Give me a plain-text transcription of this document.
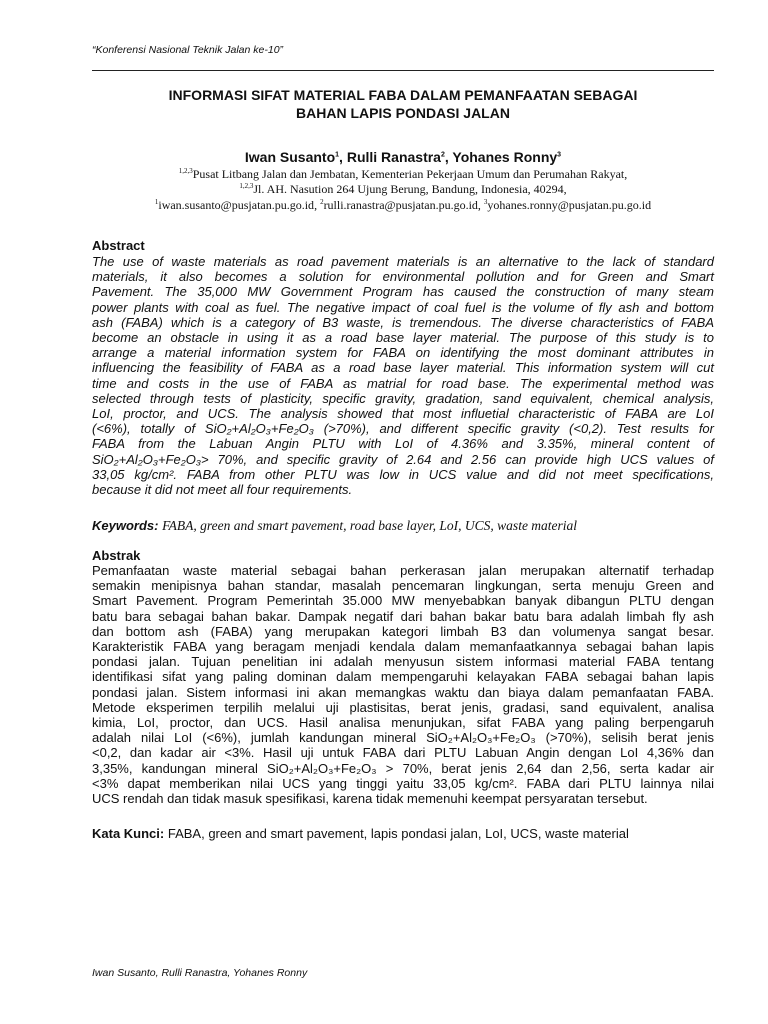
“Konferensi Nasional Teknik Jalan ke-10”
INFORMASI SIFAT MATERIAL FABA DALAM PEMANFAATAN SEBAGAI
BAHAN LAPIS PONDASI JALAN
Iwan Susanto$^1$, Rulli Ranastra$^2$, Yohanes Ronny$^3$
$^{1,2,3}$Pusat Litbang Jalan dan Jembatan, Kementerian Pekerjaan Umum dan Perumahan Rakyat,
$^{1,2,3}$Jl. AH. Nasution 264 Ujung Berung, Bandung, Indonesia, 40294,
$^1$iwan.susanto@pusjatan.pu.go.id, $^2$rulli.ranastra@pusjatan.pu.go.id, $^3$yohanes.ronny@pusjatan.pu.go.id
Abstract
The use of waste materials as road pavement materials is an alternative to the lack of standard
materials, it also becomes a solution for environmental pollution and for Green and Smart
Pavement. The 35,000 MW Government Program has caused the construction of many steam
power plants with coal as fuel. The negative impact of coal fuel is the volume of fly ash and bottom
ash (FABA) which is a category of B3 waste, is tremendous. The diverse characteristics of FABA
become an obstacle in using it as a road base layer material. The purpose of this study is to
arrange a material information system for FABA on identifying the most dominant attributes in
influencing the feasibility of FABA as a road base layer material. This information system will cut
time and costs in the use of FABA as matrial for road base. The experimental method was
selected through tests of plasticity, specific gravity, gradation, sand equivalent, chemical analysis,
LoI, proctor, and UCS. The analysis showed that most influetial characteristic of FABA are LoI
(<6%), totally of SiO₂+Al₂O₃+Fe₂O₃ (>70%), and different specific gravity (<0,2). Test results for
FABA from the Labuan Angin PLTU with LoI of 4.36% and 3.35%, mineral content of
SiO₂+Al₂O₃+Fe₂O₃> 70%, and specific gravity of 2.64 and 2.56 can provide high UCS values of
33,05 kg/cm². FABA from other PLTU was low in UCS value and did not meet specifications,
because it did not meet all four requirements.
Keywords: FABA, green and smart pavement, road base layer, LoI, UCS, waste material
Abstrak
Pemanfaatan waste material sebagai bahan perkerasan jalan merupakan alternatif terhadap
semakin menipisnya bahan standar, masalah pencemaran lingkungan, serta menuju Green and
Smart Pavement. Program Pemerintah 35.000 MW menyebabkan banyak dibangun PLTU dengan
batu bara sebagai bahan bakar. Dampak negatif dari bahan bakar batu bara adalah limbah fly ash
dan bottom ash (FABA) yang merupakan kategori limbah B3 dan volumenya sangat besar.
Karakteristik FABA yang beragam menjadi kendala dalam memanfaatkannya sebagai bahan lapis
pondasi jalan. Tujuan penelitian ini adalah menyusun sistem informasi material FABA tentang
identifikasi sifat yang paling dominan dalam mempengaruhi kelayakan FABA sebagai bahan lapis
pondasi jalan. Sistem informasi ini akan memangkas waktu dan biaya dalam pemanfaatan FABA.
Metode eksperimen terpilih melalui uji plastisitas, berat jenis, gradasi, sand equivalent, analisa
kimia, LoI, proctor, dan UCS. Hasil analisa menunjukan, sifat FABA yang paling berpengaruh
adalah nilai LoI (<6%), jumlah kandungan mineral SiO₂+Al₂O₃+Fe₂O₃ (>70%), selisih berat jenis
<0,2, dan kadar air <3%. Hasil uji untuk FABA dari PLTU Labuan Angin dengan LoI 4,36% dan
3,35%, kandungan mineral SiO₂+Al₂O₃+Fe₂O₃ > 70%, berat jenis 2,64 dan 2,56, serta kadar air
<3% dapat memberikan nilai UCS yang tinggi yaitu 33,05 kg/cm². FABA dari PLTU lainnya nilai
UCS rendah dan tidak masuk spesifikasi, karena tidak memenuhi keempat persyaratan tersebut.
Kata Kunci: FABA, green and smart pavement, lapis pondasi jalan, LoI, UCS, waste material
Iwan Susanto, Rulli Ranastra, Yohanes Ronny
